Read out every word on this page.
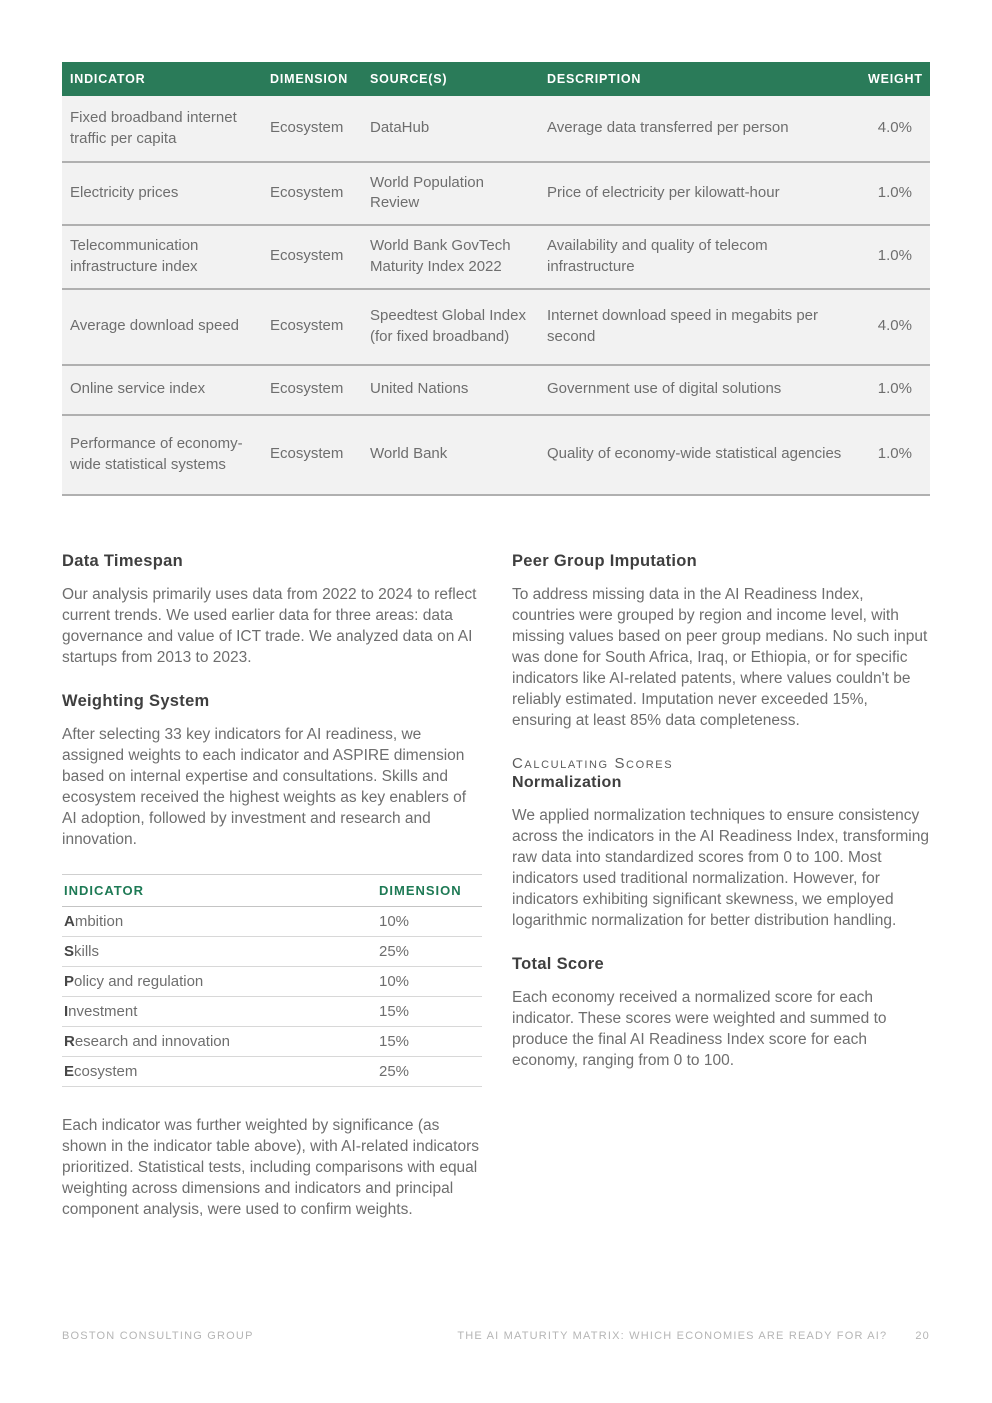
INDICATOR	DIMENSION	SOURCE(S)	DESCRIPTION	WEIGHT
Fixed broadband internet traffic per capita	Ecosystem	DataHub	Average data transferred per person	4.0%
Electricity prices	Ecosystem	World Population Review	Price of electricity per kilowatt-hour	1.0%
Telecommunication infrastructure index	Ecosystem	World Bank GovTech Maturity Index 2022	Availability and quality of telecom infrastructure	1.0%
Average download speed	Ecosystem	Speedtest Global Index (for fixed broadband)	Internet download speed in megabits per second	4.0%
Online service index	Ecosystem	United Nations	Government use of digital solutions	1.0%
Performance of economy-wide statistical systems	Ecosystem	World Bank	Quality of economy-wide statistical agencies	1.0%
Data Timespan

Our analysis primarily uses data from 2022 to 2024 to reflect current trends. We used earlier data for three areas: data governance and value of ICT trade. We analyzed data on AI startups from 2013 to 2023.

Weighting System

After selecting 33 key indicators for AI readiness, we assigned weights to each indicator and ASPIRE dimension based on internal expertise and consultations. Skills and ecosystem received the highest weights as key enablers of AI adoption, followed by investment and research and innovation.

INDICATOR	DIMENSION
Ambition	10%
Skills	25%
Policy and regulation	10%
Investment	15%
Research and innovation	15%
Ecosystem	25%

Each indicator was further weighted by significance (as shown in the indicator table above), with AI-related indicators prioritized. Statistical tests, including comparisons with equal weighting across dimensions and indicators and principal component analysis, were used to confirm weights.

Peer Group Imputation

To address missing data in the AI Readiness Index, countries were grouped by region and income level, with missing values based on peer group medians. No such input was done for South Africa, Iraq, or Ethiopia, or for specific indicators like AI-related patents, where values couldn't be reliably estimated. Imputation never exceeded 15%, ensuring at least 85% data completeness.

Calculating Scores
Normalization

We applied normalization techniques to ensure consistency across the indicators in the AI Readiness Index, transforming raw data into standardized scores from 0 to 100. Most indicators used traditional normalization. However, for indicators exhibiting significant skewness, we employed logarithmic normalization for better distribution handling.

Total Score

Each economy received a normalized score for each indicator. These scores were weighted and summed to produce the final AI Readiness Index score for each economy, ranging from 0 to 100.

BOSTON CONSULTING GROUP	THE AI MATURITY MATRIX: WHICH ECONOMIES ARE READY FOR AI?	20
